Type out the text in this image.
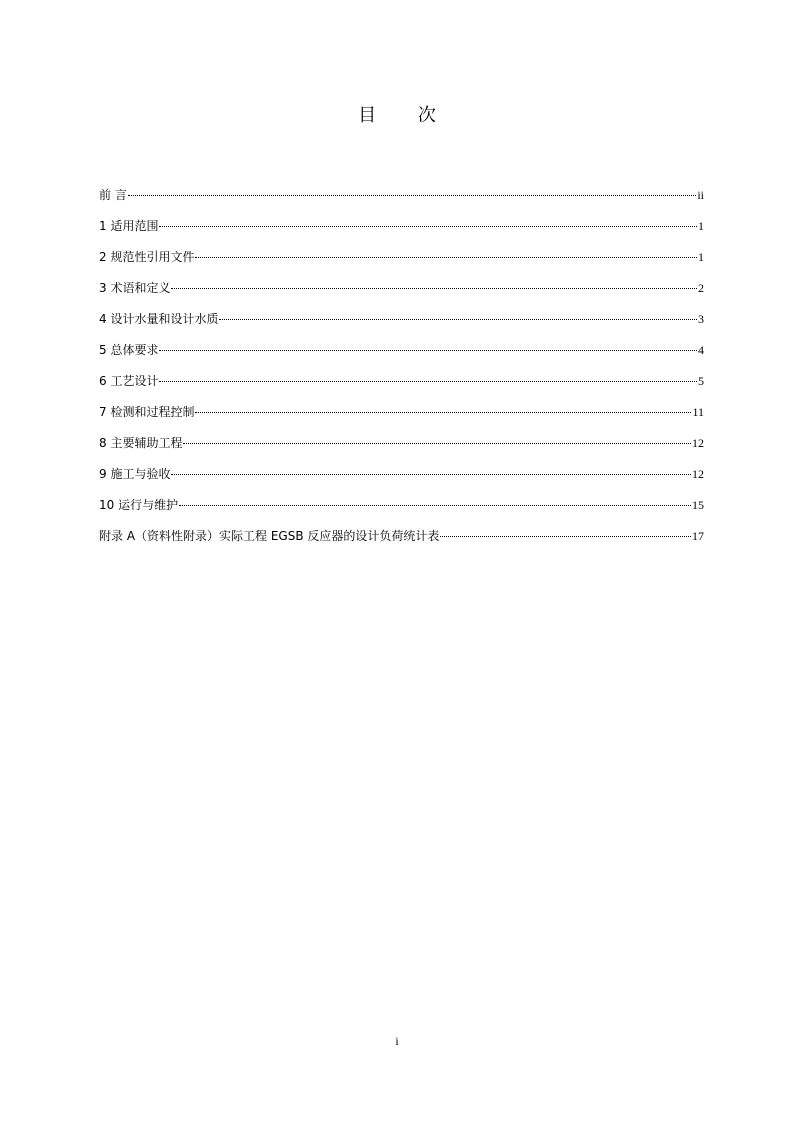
目 次
前 言	ii
1 适用范围	1
2 规范性引用文件	1
3 术语和定义	2
4 设计水量和设计水质	3
5 总体要求	4
6 工艺设计	5
7 检测和过程控制	11
8 主要辅助工程	12
9 施工与验收	12
10 运行与维护	15
附录 A（资料性附录）实际工程 EGSB 反应器的设计负荷统计表	17
i
